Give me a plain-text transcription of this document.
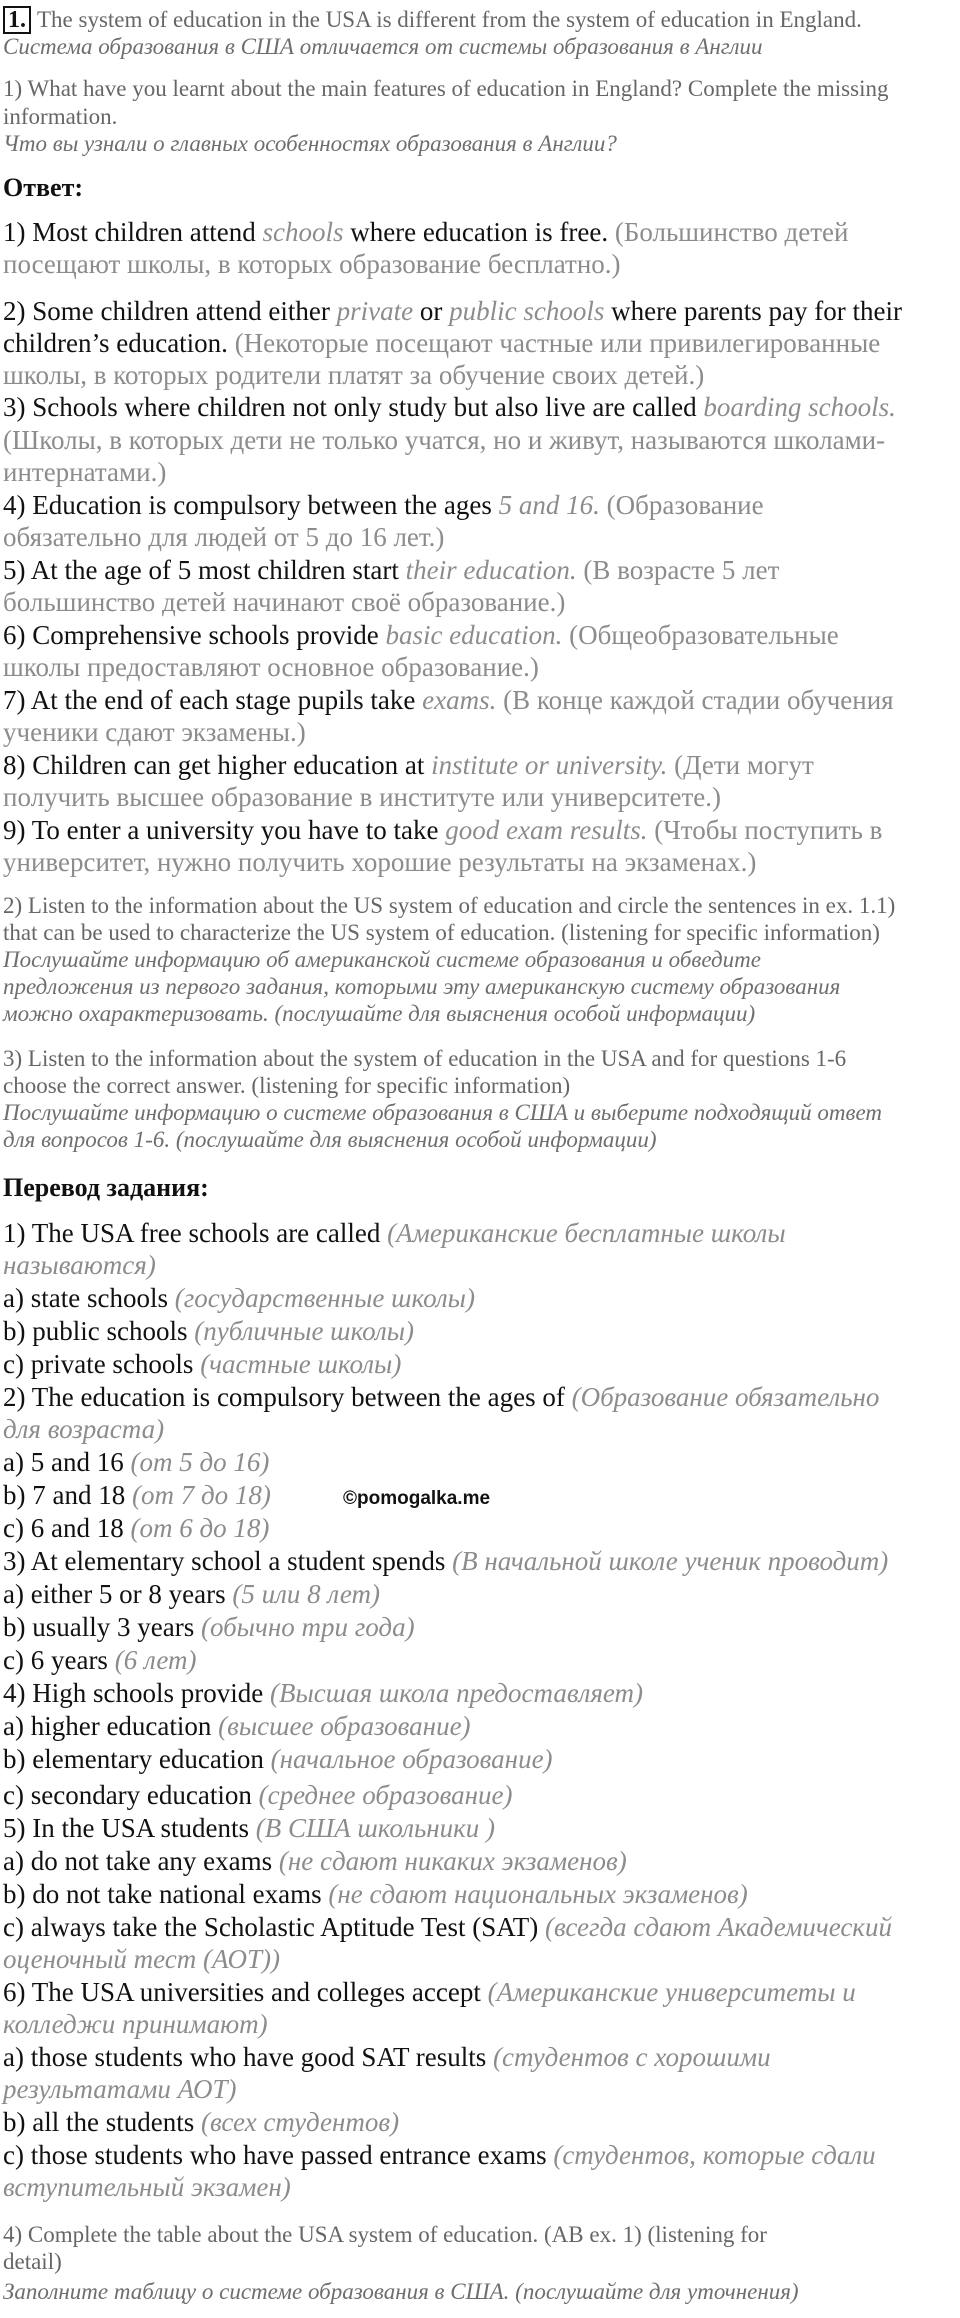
1. The system of education in the USA is different from the system of education in England.
Система образования в США отличается от системы образования в Англии
1) What have you learnt about the main features of education in England? Complete the missing
information.
Что вы узнали о главных особенностях образования в Англии?
Ответ:
1) Most children attend schools where education is free. (Большинство детей
посещают школы, в которых образование бесплатно.)
2) Some children attend either private or public schools where parents pay for their
children’s education. (Некоторые посещают частные или привилегированные
школы, в которых родители платят за обучение своих детей.)
3) Schools where children not only study but also live are called boarding schools.
(Школы, в которых дети не только учатся, но и живут, называются школами-
интернатами.)
4) Education is compulsory between the ages 5 and 16. (Образование
обязательно для людей от 5 до 16 лет.)
5) At the age of 5 most children start their education. (В возрасте 5 лет
большинство детей начинают своё образование.)
6) Comprehensive schools provide basic education. (Общеобразовательные
школы предоставляют основное образование.)
7) At the end of each stage pupils take exams. (В конце каждой стадии обучения
ученики сдают экзамены.)
8) Children can get higher education at institute or university. (Дети могут
получить высшее образование в институте или университете.)
9) To enter a university you have to take good exam results. (Чтобы поступить в
университет, нужно получить хорошие результаты на экзаменах.)
2) Listen to the information about the US system of education and circle the sentences in ex. 1.1)
that can be used to characterize the US system of education. (listening for specific information)
Послушайте информацию об американской системе образования и обведите
предложения из первого задания, которыми эту американскую систему образования
можно охарактеризовать. (послушайте для выяснения особой информации)
3) Listen to the information about the system of education in the USA and for questions 1-6
choose the correct answer. (listening for specific information)
Послушайте информацию о системе образования в США и выберите подходящий ответ
для вопросов 1-6. (послушайте для выяснения особой информации)
Перевод задания:
1) The USA free schools are called (Американские бесплатные школы
называются)
a) state schools (государственные школы)
b) public schools (публичные школы)
c) private schools (частные школы)
2) The education is compulsory between the ages of (Образование обязательно
для возраста)
a) 5 and 16 (от 5 до 16)
b) 7 and 18 (от 7 до 18)
c) 6 and 18 (от 6 до 18)
3) At elementary school a student spends (В начальной школе ученик проводит)
a) either 5 or 8 years (5 или 8 лет)
b) usually 3 years (обычно три года)
c) 6 years (6 лет)
4) High schools provide (Высшая школа предоставляет)
a) higher education (высшее образование)
b) elementary education (начальное образование)
c) secondary education (среднее образование)
5) In the USA students (В США школьники )
a) do not take any exams (не сдают никаких экзаменов)
b) do not take national exams (не сдают национальных экзаменов)
c) always take the Scholastic Aptitude Test (SAT) (всегда сдают Академический
оценочный тест (АОТ))
6) The USA universities and colleges accept (Американские университеты и
колледжи принимают)
a) those students who have good SAT results (студентов с хорошими
результатами АОТ)
b) all the students (всех студентов)
c) those students who have passed entrance exams (студентов, которые сдали
вступительный экзамен)
4) Complete the table about the USA system of education. (AB ex. 1) (listening for
detail)
Заполните таблицу о системе образования в США. (послушайте для уточнения)
©pomogalka.me
